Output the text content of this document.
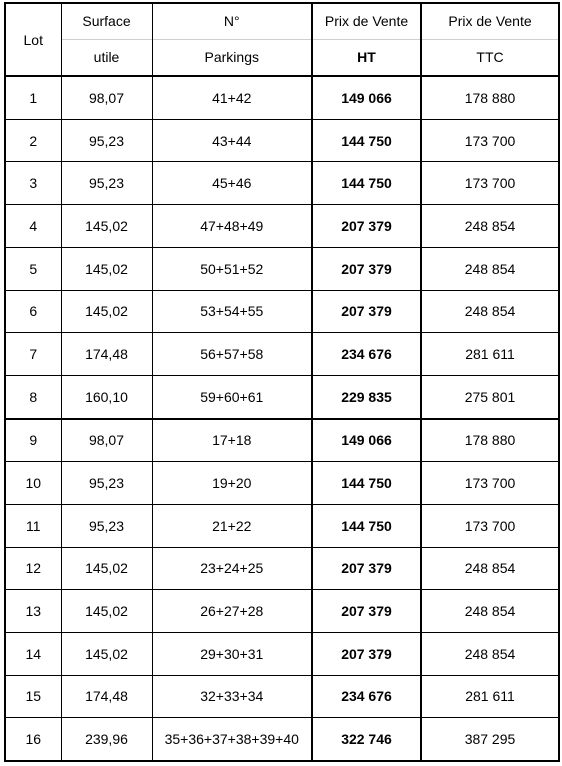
Lot	Surface	N°	Prix de Vente	Prix de Vente
	utile	Parkings	HT	TTC
1	98,07	41+42	149 066	178 880
2	95,23	43+44	144 750	173 700
3	95,23	45+46	144 750	173 700
4	145,02	47+48+49	207 379	248 854
5	145,02	50+51+52	207 379	248 854
6	145,02	53+54+55	207 379	248 854
7	174,48	56+57+58	234 676	281 611
8	160,10	59+60+61	229 835	275 801
9	98,07	17+18	149 066	178 880
10	95,23	19+20	144 750	173 700
11	95,23	21+22	144 750	173 700
12	145,02	23+24+25	207 379	248 854
13	145,02	26+27+28	207 379	248 854
14	145,02	29+30+31	207 379	248 854
15	174,48	32+33+34	234 676	281 611
16	239,96	35+36+37+38+39+40	322 746	387 295
